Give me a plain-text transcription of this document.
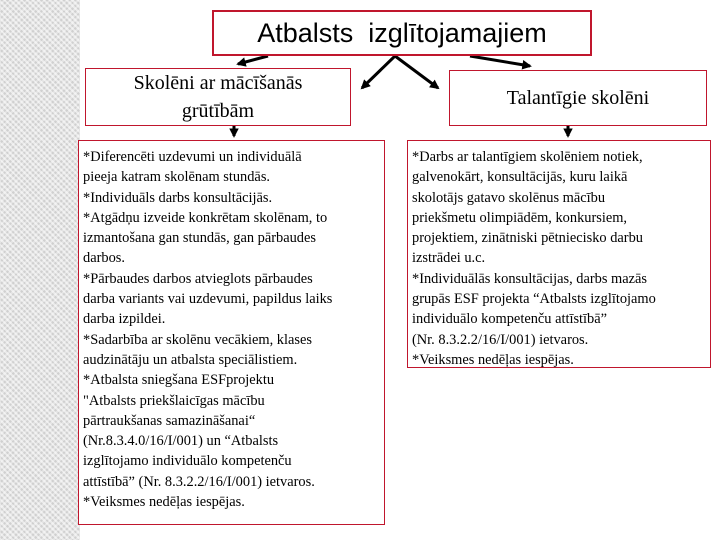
Atbalsts  izglītojamajiem
Skolēni ar mācīšanās
grūtībām
Talantīgie skolēni
*Diferencēti uzdevumi un individuālā
pieeja katram skolēnam stundās.
*Individuāls darbs konsultācijās.
*Atgādņu izveide konkrētam skolēnam, to
izmantošana gan stundās, gan pārbaudes
darbos.
*Pārbaudes darbos atvieglots pārbaudes
darba variants vai uzdevumi, papildus laiks
darba izpildei.
*Sadarbība ar skolēnu vecākiem, klases
audzinātāju un atbalsta speciālistiem.
*Atbalsta sniegšana ESFprojektu
"Atbalsts priekšlaicīgas mācību
pārtraukšanas samazināšanai“
(Nr.8.3.4.0/16/I/001) un “Atbalsts
izglītojamo individuālo kompetenču
attīstībā” (Nr. 8.3.2.2/16/I/001) ietvaros.
*Veiksmes nedēļas iespējas.
*Darbs ar talantīgiem skolēniem notiek,
galvenokārt, konsultācijās, kuru laikā
skolotājs gatavo skolēnus mācību
priekšmetu olimpiādēm, konkursiem,
projektiem, zinātniski pētniecisko darbu
izstrādei u.c.
*Individuālās konsultācijas, darbs mazās
grupās ESF projekta “Atbalsts izglītojamo
individuālo kompetenču attīstībā”
(Nr. 8.3.2.2/16/I/001) ietvaros.
*Veiksmes nedēļas iespējas.
